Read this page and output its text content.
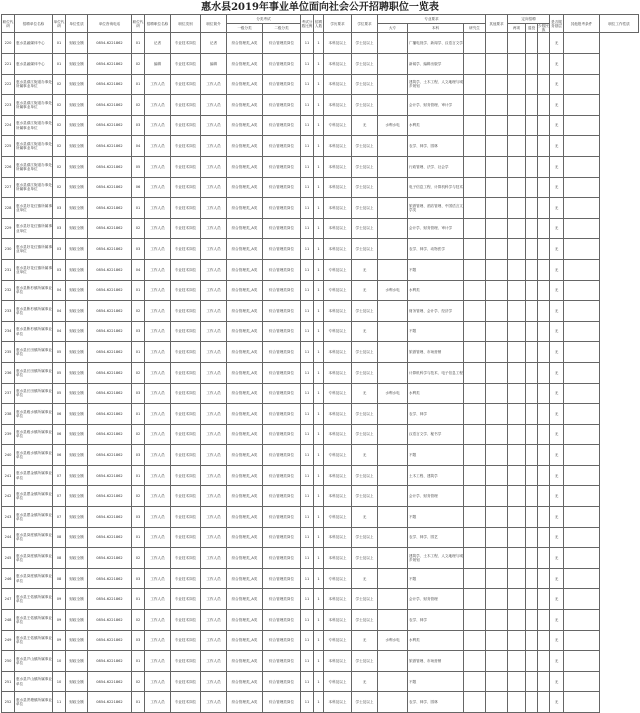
惠水县2019年事业单位面向社会公开招聘职位一览表
职位代码	招聘单位名称	单位代码	单位性质	单位咨询电话	职位代码	招聘职位名称	职位类别	职位简介	分类考试		考试分数比例	招聘人数	学历要求	学位要求	专业要求			其他要求	定向招聘			是否服务基层	其他报考条件	职位工作性质
									一级分类	二级分类					大专	本科	研究生		两项	退役	少数民族			
220	惠水县融媒体中心	01	财政全额	0854-6221862	01	记者	专业技术岗位	记者	综合管理类_A类	综合管理类岗位	11	1	本科及以上	学士及以上		广播电视学、新闻学、汉语言文学						无		
221	惠水县融媒体中心	01	财政全额	0854-6221862	02	编辑	专业技术岗位	编辑	综合管理类_A类	综合管理类岗位	11	1	本科及以上	学士及以上		新闻学、编辑出版学						无		
222	惠水县濛江街道办事处所属事业单位	02	财政全额	0854-6221862	01	工作人员	专业技术岗位	工作人员	综合管理类_A类	综合管理类岗位	11	1	本科及以上	学士及以上		建筑学、土木工程、人文地理与城乡规划						无		
223	惠水县濛江街道办事处所属事业单位	02	财政全额	0854-6221862	02	工作人员	专业技术岗位	工作人员	综合管理类_A类	综合管理类岗位	11	1	本科及以上	学士及以上		会计学、财务管理、审计学						无		
224	惠水县濛江街道办事处所属事业单位	02	财政全额	0854-6221862	03	工作人员	专业技术岗位	工作人员	综合管理类_A类	综合管理类岗位	11	1	专科及以上	无	水利水电	水利类						无		
225	惠水县濛江街道办事处所属事业单位	02	财政全额	0854-6221862	04	工作人员	专业技术岗位	工作人员	综合管理类_A类	综合管理类岗位	11	1	本科及以上	学士及以上		农学、林学、园林						无		
226	惠水县濛江街道办事处所属事业单位	02	财政全额	0854-6221862	05	工作人员	专业技术岗位	工作人员	综合管理类_A类	综合管理类岗位	11	1	本科及以上	学士及以上		行政管理、法学、社会学						无		
227	惠水县濛江街道办事处所属事业单位	02	财政全额	0854-6221862	06	工作人员	专业技术岗位	工作人员	综合管理类_A类	综合管理类岗位	11	1	本科及以上	学士及以上		电子信息工程、计算机科学与技术						无		
228	惠水县好花红镇所属事业单位	03	财政全额	0854-6221862	01	工作人员	专业技术岗位	工作人员	综合管理类_A类	综合管理类岗位	11	1	本科及以上	学士及以上		旅游管理、酒店管理、中国语言文学类						无		
229	惠水县好花红镇所属事业单位	03	财政全额	0854-6221862	02	工作人员	专业技术岗位	工作人员	综合管理类_A类	综合管理类岗位	11	1	本科及以上	学士及以上		会计学、财务管理、审计学						无		
230	惠水县好花红镇所属事业单位	03	财政全额	0854-6221862	03	工作人员	专业技术岗位	工作人员	综合管理类_A类	综合管理类岗位	11	1	本科及以上	学士及以上		农学、林学、动物医学						无		
231	惠水县好花红镇所属事业单位	03	财政全额	0854-6221862	04	工作人员	专业技术岗位	工作人员	综合管理类_A类	综合管理类岗位	11	1	专科及以上	无		不限						无		
232	惠水县断杉镇所属事业单位	04	财政全额	0854-6221862	01	工作人员	专业技术岗位	工作人员	综合管理类_A类	综合管理类岗位	11	1	专科及以上	无	水利水电	水利类						无		
233	惠水县断杉镇所属事业单位	04	财政全额	0854-6221862	02	工作人员	专业技术岗位	工作人员	综合管理类_A类	综合管理类岗位	11	1	本科及以上	学士及以上		财务管理、会计学、经济学						无		
234	惠水县断杉镇所属事业单位	04	财政全额	0854-6221862	03	工作人员	专业技术岗位	工作人员	综合管理类_A类	综合管理类岗位	11	1	专科及以上	无		不限						无		
235	惠水县长田镇所属事业单位	05	财政全额	0854-6221862	01	工作人员	专业技术岗位	工作人员	综合管理类_A类	综合管理类岗位	11	1	本科及以上	学士及以上		旅游管理、市场营销						无		
236	惠水县长田镇所属事业单位	05	财政全额	0854-6221862	02	工作人员	专业技术岗位	工作人员	综合管理类_A类	综合管理类岗位	11	1	本科及以上	学士及以上		计算机科学与技术、电子信息工程						无		
237	惠水县长田镇所属事业单位	05	财政全额	0854-6221862	03	工作人员	专业技术岗位	工作人员	综合管理类_A类	综合管理类岗位	11	1	专科及以上	无	水利水电	水利类						无		
238	惠水县雅水镇所属事业单位	06	财政全额	0854-6221862	01	工作人员	专业技术岗位	工作人员	综合管理类_A类	综合管理类岗位	11	1	本科及以上	学士及以上		农学、林学						无		
239	惠水县雅水镇所属事业单位	06	财政全额	0854-6221862	02	工作人员	专业技术岗位	工作人员	综合管理类_A类	综合管理类岗位	11	1	本科及以上	学士及以上		汉语言文学、秘书学						无		
240	惠水县雅水镇所属事业单位	06	财政全额	0854-6221862	03	工作人员	专业技术岗位	工作人员	综合管理类_A类	综合管理类岗位	11	1	专科及以上	无		不限						无		
241	惠水县摆金镇所属事业单位	07	财政全额	0854-6221862	01	工作人员	专业技术岗位	工作人员	综合管理类_A类	综合管理类岗位	11	1	本科及以上	学士及以上		土木工程、建筑学						无		
242	惠水县摆金镇所属事业单位	07	财政全额	0854-6221862	02	工作人员	专业技术岗位	工作人员	综合管理类_A类	综合管理类岗位	11	1	本科及以上	学士及以上		会计学、财务管理						无		
243	惠水县摆金镇所属事业单位	07	财政全额	0854-6221862	03	工作人员	专业技术岗位	工作人员	综合管理类_A类	综合管理类岗位	11	1	专科及以上	无		不限						无		
244	惠水县岗度镇所属事业单位	08	财政全额	0854-6221862	01	工作人员	专业技术岗位	工作人员	综合管理类_A类	综合管理类岗位	11	1	本科及以上	学士及以上		农学、林学、园艺						无		
245	惠水县岗度镇所属事业单位	08	财政全额	0854-6221862	02	工作人员	专业技术岗位	工作人员	综合管理类_A类	综合管理类岗位	11	1	本科及以上	学士及以上		建筑学、土木工程、人文地理与城乡规划						无		
246	惠水县岗度镇所属事业单位	08	财政全额	0854-6221862	03	工作人员	专业技术岗位	工作人员	综合管理类_A类	综合管理类岗位	11	1	专科及以上	无		不限						无		
247	惠水县王佑镇所属事业单位	09	财政全额	0854-6221862	01	工作人员	专业技术岗位	工作人员	综合管理类_A类	综合管理类岗位	11	1	本科及以上	学士及以上		会计学、财务管理						无		
248	惠水县王佑镇所属事业单位	09	财政全额	0854-6221862	02	工作人员	专业技术岗位	工作人员	综合管理类_A类	综合管理类岗位	11	1	本科及以上	学士及以上		农学、林学						无		
249	惠水县王佑镇所属事业单位	09	财政全额	0854-6221862	03	工作人员	专业技术岗位	工作人员	综合管理类_A类	综合管理类岗位	11	1	专科及以上	无	水利水电	水利类						无		
250	惠水县芦山镇所属事业单位	10	财政全额	0854-6221862	01	工作人员	专业技术岗位	工作人员	综合管理类_A类	综合管理类岗位	11	1	本科及以上	学士及以上		旅游管理、市场营销						无		
251	惠水县芦山镇所属事业单位	10	财政全额	0854-6221862	02	工作人员	专业技术岗位	工作人员	综合管理类_A类	综合管理类岗位	11	1	专科及以上	无		不限						无		
252	惠水县羡塘镇所属事业单位	11	财政全额	0854-6221862	01	工作人员	专业技术岗位	工作人员	综合管理类_A类	综合管理类岗位	11	1	本科及以上	学士及以上		农学、林学、园林						无		
